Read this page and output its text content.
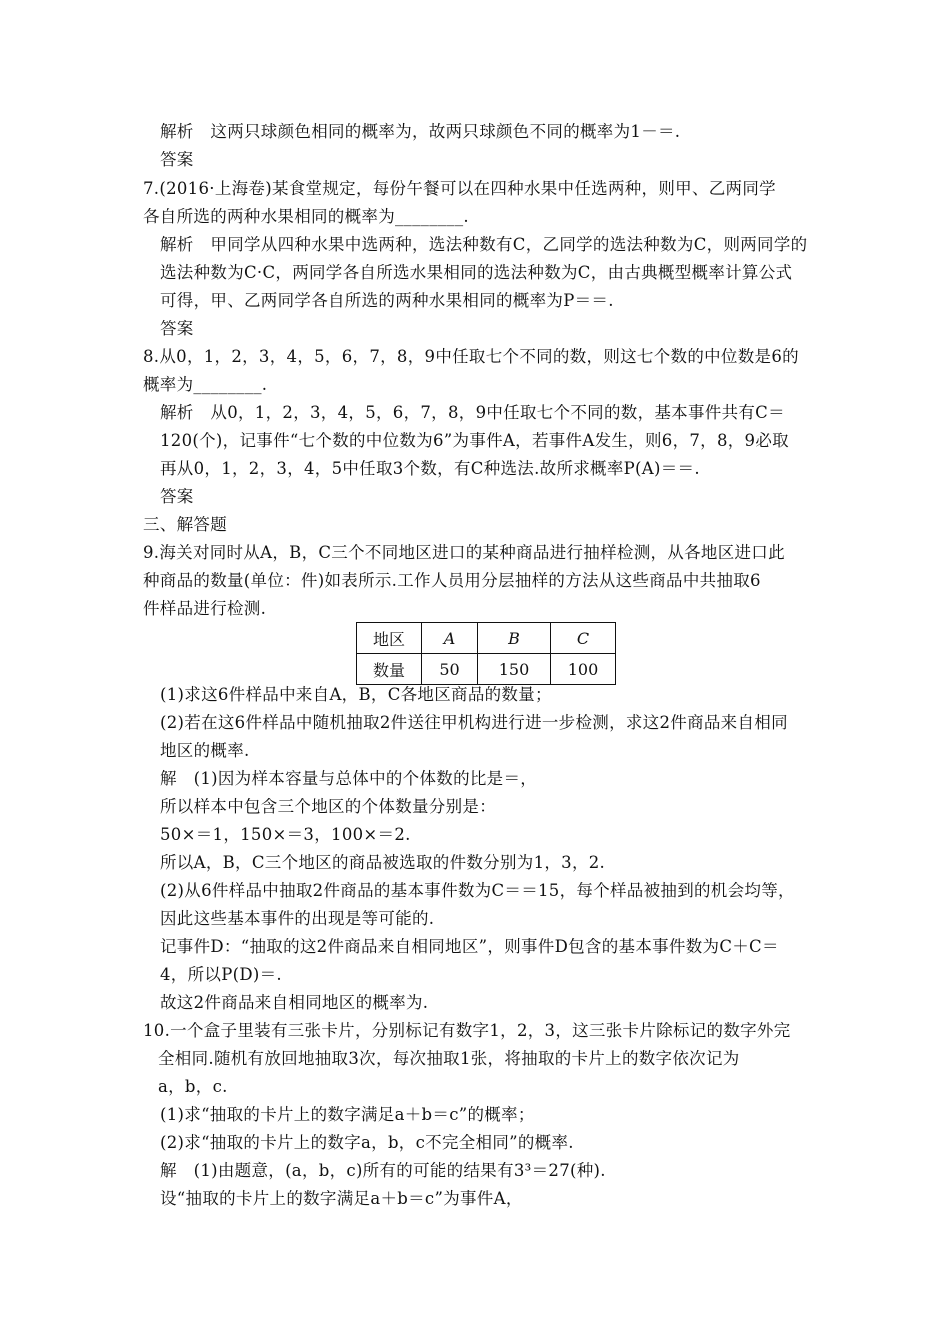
解析　这两只球颜色相同的概率为，故两只球颜色不同的概率为1－＝.
答案
7.(2016·上海卷)某食堂规定，每份午餐可以在四种水果中任选两种，则甲、乙两同学
各自所选的两种水果相同的概率为________.
解析　甲同学从四种水果中选两种，选法种数有C，乙同学的选法种数为C，则两同学的
选法种数为C·C，两同学各自所选水果相同的选法种数为C，由古典概型概率计算公式
可得，甲、乙两同学各自所选的两种水果相同的概率为P＝＝.
答案
8.从0，1，2，3，4，5，6，7，8，9中任取七个不同的数，则这七个数的中位数是6的
概率为________.
解析　从0，1，2，3，4，5，6，7，8，9中任取七个不同的数，基本事件共有C＝
120(个)，记事件“七个数的中位数为6”为事件A，若事件A发生，则6，7，8，9必取
再从0，1，2，3，4，5中任取3个数，有C种选法.故所求概率P(A)＝＝.
答案
三、解答题
9.海关对同时从A，B，C三个不同地区进口的某种商品进行抽样检测，从各地区进口此
种商品的数量(单位：件)如表所示.工作人员用分层抽样的方法从这些商品中共抽取6
件样品进行检测.
地区	A	B	C
数量	50	150	100
(1)求这6件样品中来自A，B，C各地区商品的数量；
(2)若在这6件样品中随机抽取2件送往甲机构进行进一步检测，求这2件商品来自相同
地区的概率.
解　(1)因为样本容量与总体中的个体数的比是＝，
所以样本中包含三个地区的个体数量分别是：
50×＝1，150×＝3，100×＝2.
所以A，B，C三个地区的商品被选取的件数分别为1，3，2.
(2)从6件样品中抽取2件商品的基本事件数为C＝＝15，每个样品被抽到的机会均等，
因此这些基本事件的出现是等可能的.
记事件D：“抽取的这2件商品来自相同地区”，则事件D包含的基本事件数为C＋C＝
4，所以P(D)＝.
故这2件商品来自相同地区的概率为.
10.一个盒子里装有三张卡片，分别标记有数字1，2，3，这三张卡片除标记的数字外完
全相同.随机有放回地抽取3次，每次抽取1张，将抽取的卡片上的数字依次记为
a，b，c.
(1)求“抽取的卡片上的数字满足a＋b＝c”的概率；
(2)求“抽取的卡片上的数字a，b，c不完全相同”的概率.
解　(1)由题意，(a，b，c)所有的可能的结果有3³＝27(种).
设“抽取的卡片上的数字满足a＋b＝c”为事件A，
